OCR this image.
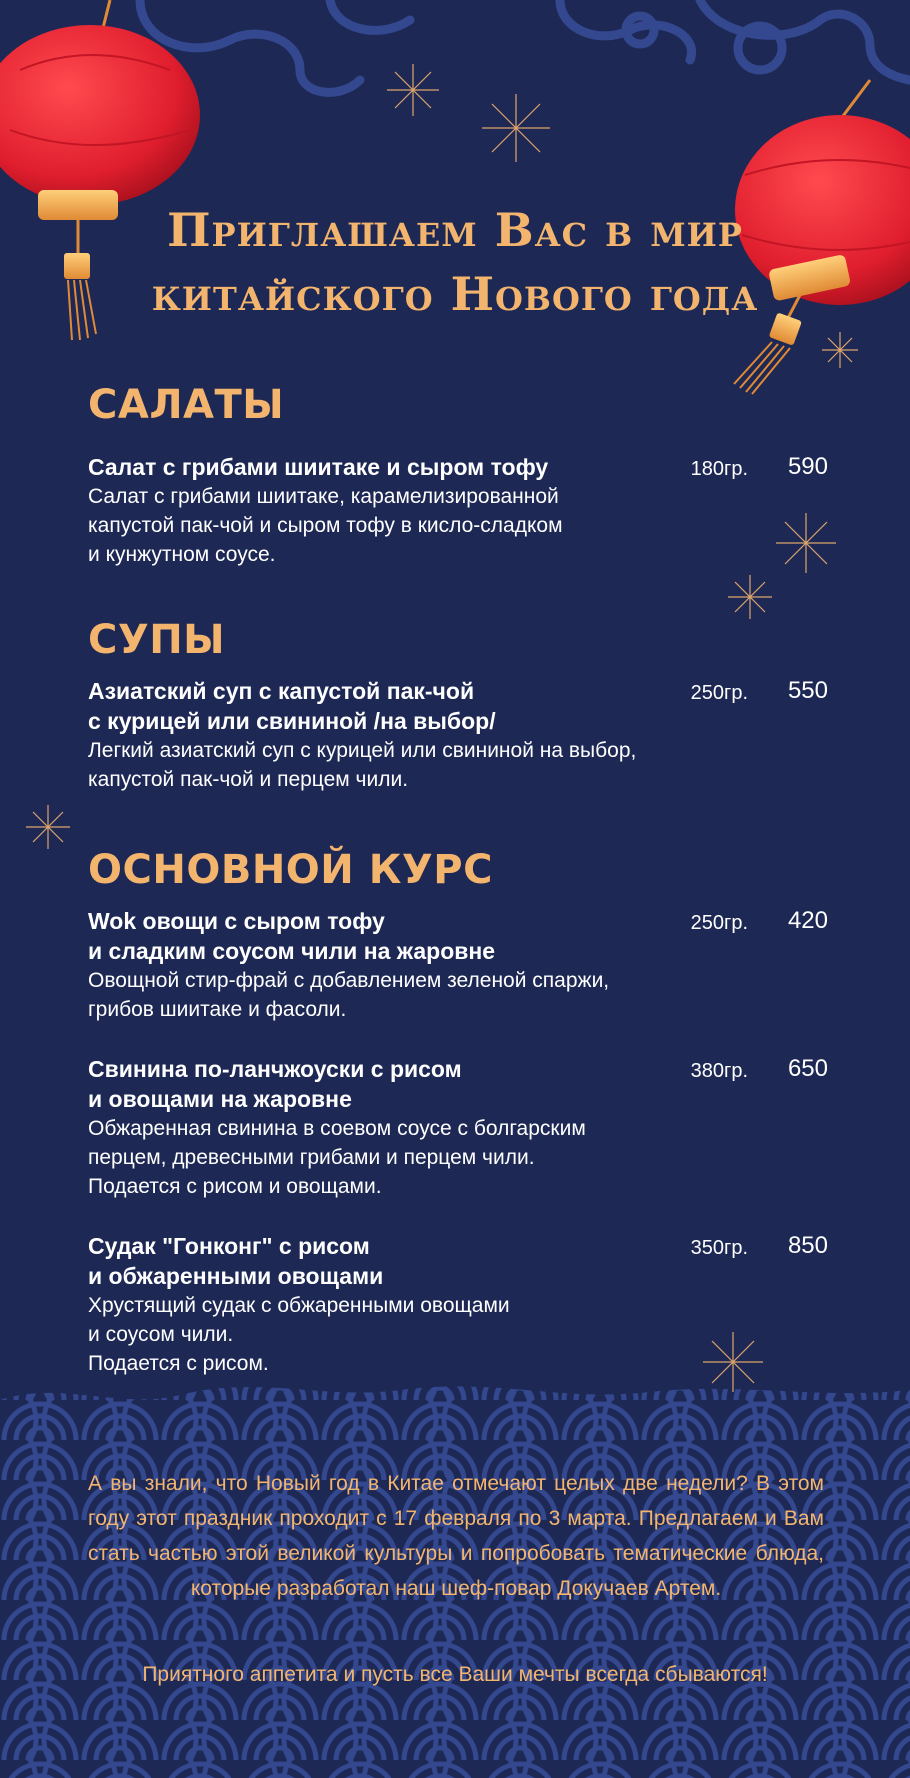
Приглашаем Вас в мир
китайского Нового года
САЛАТЫ
Салат с грибами шиитаке и сыром тофу
Салат с грибами шиитаке, карамелизированной
капустой пак-чой и сыром тофу в кисло-сладком
и кунжутном соусе.
180гр. 590
СУПЫ
Азиатский суп с капустой пак-чой
с курицей или свининой /на выбор/
Легкий азиатский суп с курицей или свининой на выбор,
капустой пак-чой и перцем чили.
250гр. 550
ОСНОВНОЙ КУРС
Wok овощи с сыром тофу
и сладким соусом чили на жаровне
Овощной стир-фрай с добавлением зеленой спаржи,
грибов шиитаке и фасоли.
250гр. 420
Свинина по-ланчжоуски с рисом
и овощами на жаровне
Обжаренная свинина в соевом соусе с болгарским
перцем, древесными грибами и перцем чили.
Подается с рисом и овощами.
380гр. 650
Судак "Гонконг" с рисом
и обжаренными овощами
Хрустящий судак с обжаренными овощами
и соусом чили.
Подается с рисом.
350гр. 850
А вы знали, что Новый год в Китае отмечают целых две недели? В этом году этот праздник проходит с 17 февраля по 3 марта. Предлагаем и Вам стать частью этой великой культуры и попробовать тематические блюда, которые разработал наш шеф-повар Докучаев Артем.
Приятного аппетита и пусть все Ваши мечты всегда сбываются!
